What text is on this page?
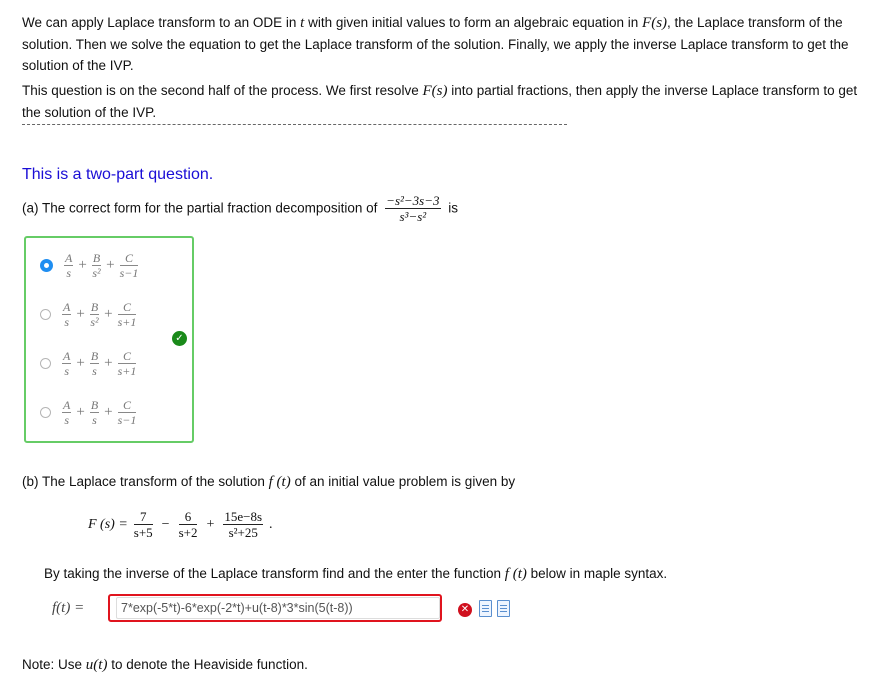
We can apply Laplace transform to an ODE in t with given initial values to form an algebraic equation in F(s), the Laplace transform of the solution. Then we solve the equation to get the Laplace transform of the solution. Finally, we apply the inverse Laplace transform to get the solution of the IVP.

This question is on the second half of the process. We first resolve F(s) into partial fractions, then apply the inverse Laplace transform to get the solution of the IVP.

This is a two-part question.
(a) The correct form for the partial fraction decomposition of $\frac{\text{−s²−3s−3}}{\text{s³−s²}}$ is
$\frac{A}{s} + \frac{B}{\text{s²}} + \frac{C}{s-1}$
$\frac{A}{s} + \frac{B}{\text{s²}} + \frac{C}{s+1}$
$\frac{A}{s} + \frac{B}{s} + \frac{C}{s+1}$
$\frac{A}{s} + \frac{B}{s} + \frac{C}{s-1}$
✓
(b) The Laplace transform of the solution f (t) of an initial value problem is given by
F $(s) = \frac{7}{s+5} - \frac{6}{s+2} + \frac{15e-8s}{\text{s²+25}}$ .
By taking the inverse of the Laplace transform find and the enter the function f (t) below in maple syntax.
f(t) =
7*exp(-5*t)-6*exp(-2*t)+u(t-8)*3*sin(5(t-8))	✕
Note: Use u(t) to denote the Heaviside function.
